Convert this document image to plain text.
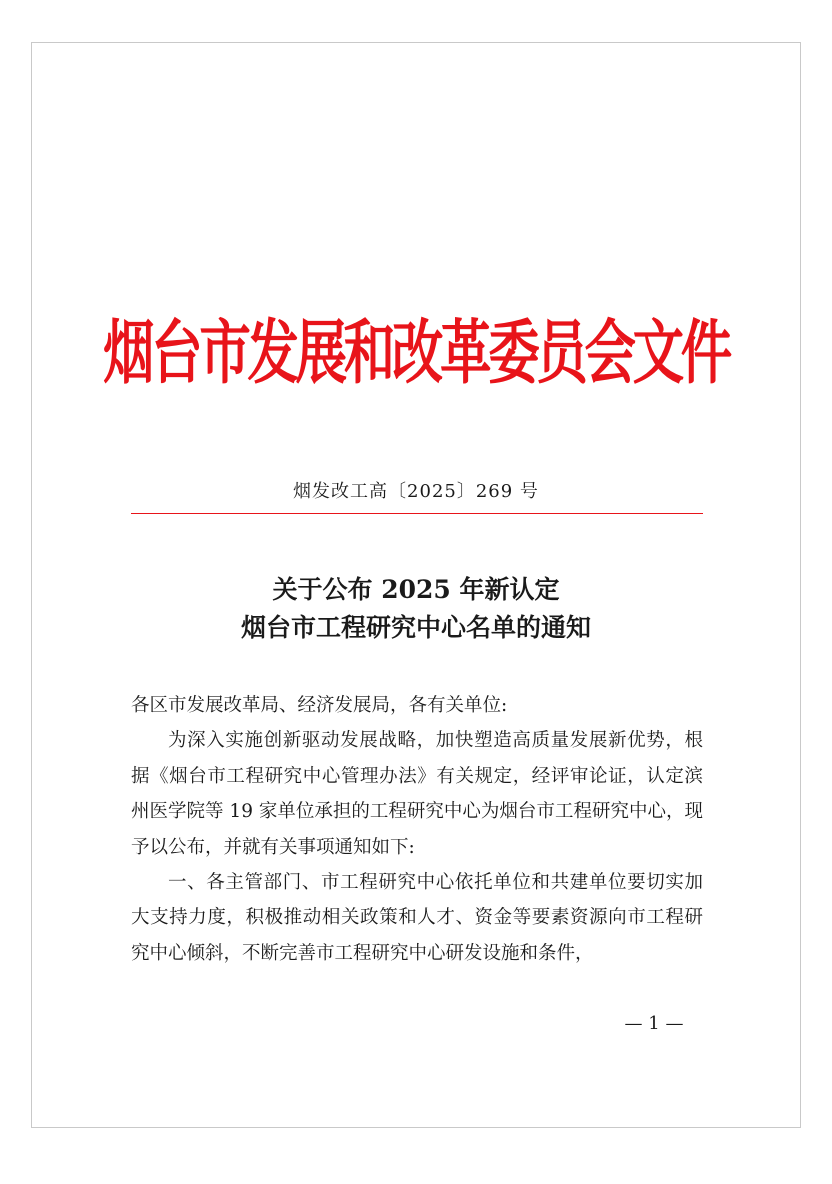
烟台市发展和改革委员会文件
烟发改工高〔2025〕269 号
关于公布 2025 年新认定
烟台市工程研究中心名单的通知

各区市发展改革局、经济发展局，各有关单位:

为深入实施创新驱动发展战略，加快塑造高质量发展新优势，根据《烟台市工程研究中心管理办法》有关规定，经评审论证，认定滨州医学院等 19 家单位承担的工程研究中心为烟台市工程研究中心，现予以公布，并就有关事项通知如下:

一、各主管部门、市工程研究中心依托单位和共建单位要切实加大支持力度，积极推动相关政策和人才、资金等要素资源向市工程研究中心倾斜，不断完善市工程研究中心研发设施和条件，

— 1 —
